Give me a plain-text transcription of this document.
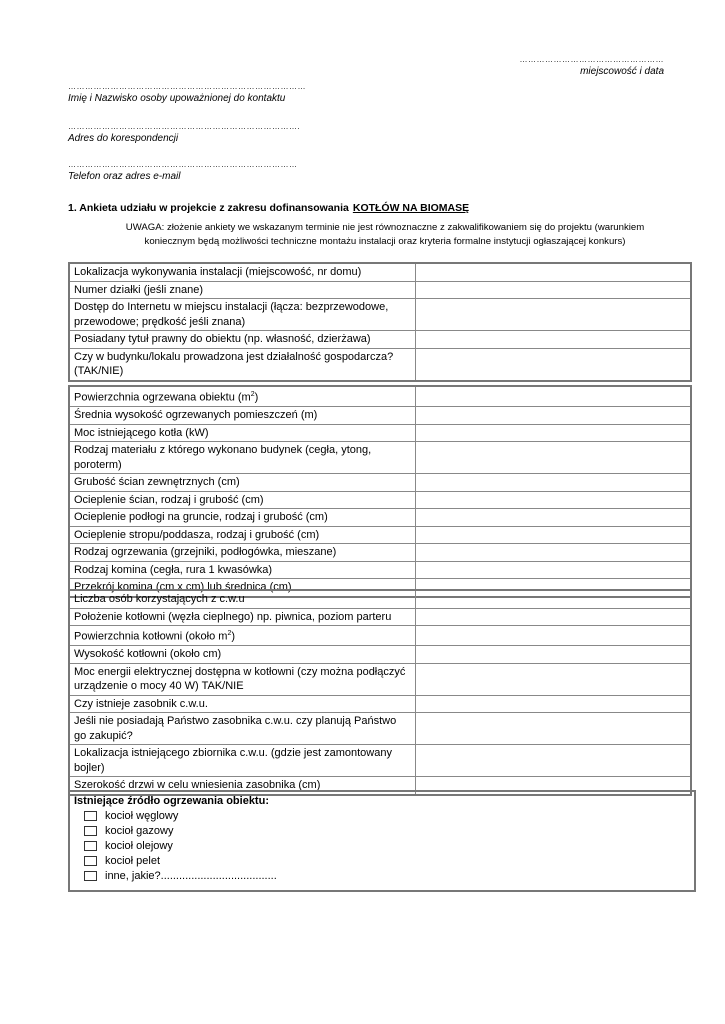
……………………………………………
miejscowość i data
…………………………………………………………………………
Imię i Nazwisko osoby upoważnionej do kontaktu
……………………………………………………………………….
Adres do korespondencji
………………………………………………………………………
Telefon oraz adres e-mail
1. Ankieta udziału w projekcie z zakresu dofinansowania KOTŁÓW NA BIOMASĘ
UWAGA: złożenie ankiety we wskazanym terminie nie jest równoznaczne z zakwalifikowaniem się do projektu (warunkiem koniecznym będą możliwości techniczne montażu instalacji oraz kryteria formalne instytucji ogłaszającej konkurs)
Lokalizacja wykonywania instalacji (miejscowość, nr domu)	
Numer działki (jeśli znane)	
Dostęp do Internetu w miejscu instalacji (łącza: bezprzewodowe, przewodowe; prędkość jeśli znana)	
Posiadany tytuł prawny do obiektu (np. własność, dzierżawa)	
Czy w budynku/lokalu prowadzona jest działalność gospodarcza? (TAK/NIE)	
Powierzchnia ogrzewana obiektu $(m^2)$	
Średnia wysokość ogrzewanych pomieszczeń (m)	
Moc istniejącego kotła (kW)	
Rodzaj materiału z którego wykonano budynek (cegła, ytong, poroterm)	
Grubość ścian zewnętrznych (cm)	
Ocieplenie ścian, rodzaj i grubość (cm)	
Ocieplenie podłogi na gruncie, rodzaj i grubość (cm)	
Ocieplenie stropu/poddasza, rodzaj i grubość (cm)	
Rodzaj ogrzewania (grzejniki, podłogówka, mieszane)	
Rodzaj komina (cegła, rura 1 kwasówka)	
Przekrój komina (cm x cm) lub średnica (cm)	
Liczba osób korzystających z c.w.u	
Położenie kotłowni (węzła cieplnego) np. piwnica, poziom parteru	
Powierzchnia kotłowni (około $m^2$)	
Wysokość kotłowni (około cm)	
Moc energii elektrycznej dostępna w kotłowni (czy można podłączyć urządzenie o mocy 40 W) TAK/NIE	
Czy istnieje zasobnik c.w.u.	
Jeśli nie posiadają Państwo zasobnika c.w.u. czy planują Państwo go zakupić?	
Lokalizacja istniejącego zbiornika c.w.u. (gdzie jest zamontowany bojler)	
Szerokość drzwi w celu wniesienia zasobnika (cm)	
Istniejące źródło ogrzewania obiektu:
kocioł węglowy
kocioł gazowy
kocioł olejowy
kocioł pelet
inne, jakie?......................................
